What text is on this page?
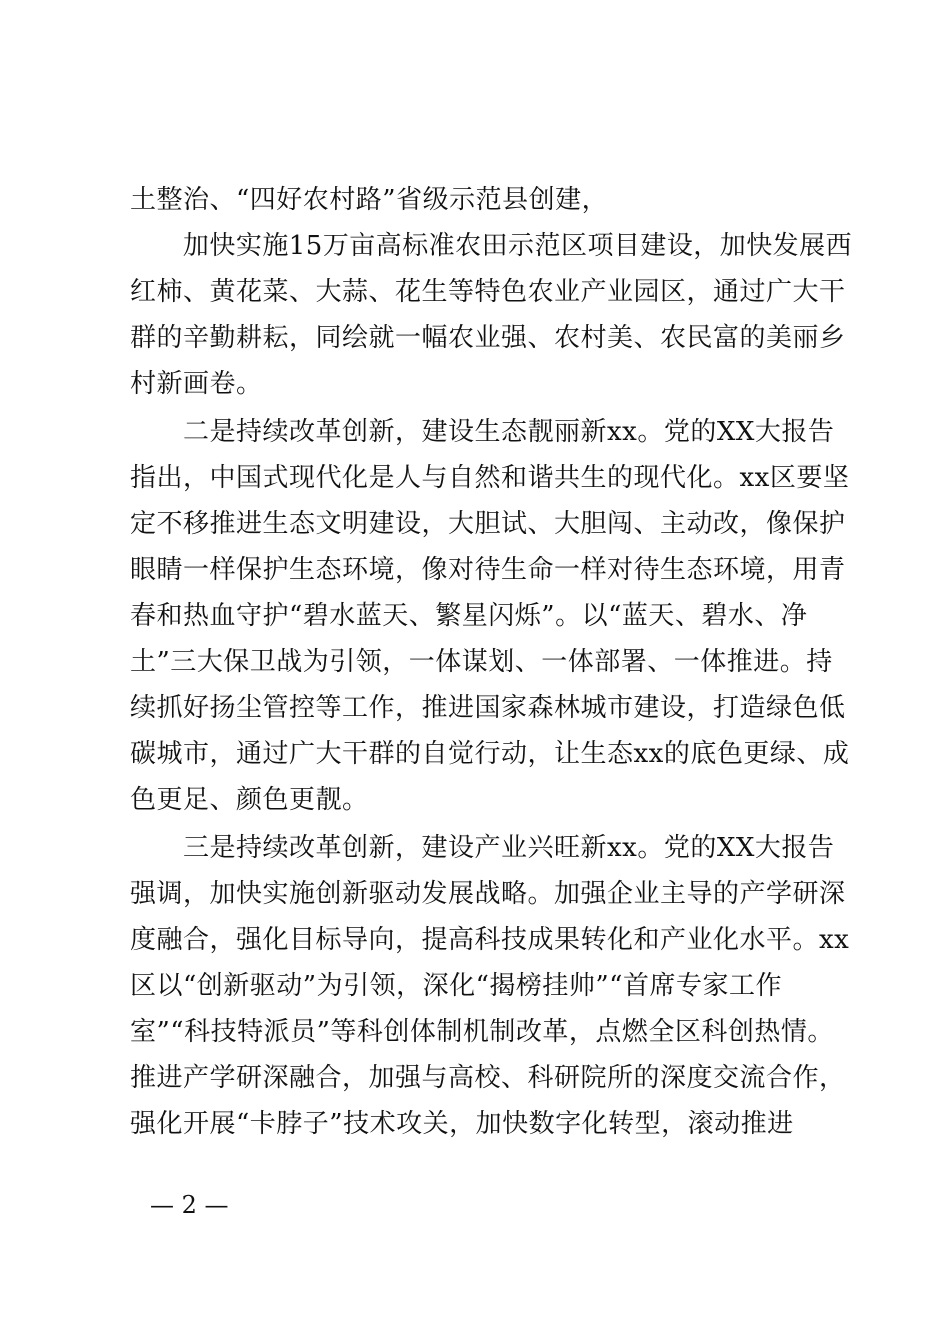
土整治、“四好农村路”省级示范县创建，
　　加快实施15万亩高标准农田示范区项目建设，加快发展西
红柿、黄花菜、大蒜、花生等特色农业产业园区，通过广大干
群的辛勤耕耘，同绘就一幅农业强、农村美、农民富的美丽乡
村新画卷。
　　二是持续改革创新，建设生态靓丽新xx。党的XX大报告
指出，中国式现代化是人与自然和谐共生的现代化。xx区要坚
定不移推进生态文明建设，大胆试、大胆闯、主动改，像保护
眼睛一样保护生态环境，像对待生命一样对待生态环境，用青
春和热血守护“碧水蓝天、繁星闪烁”。以“蓝天、碧水、净
土”三大保卫战为引领，一体谋划、一体部署、一体推进。持
续抓好扬尘管控等工作，推进国家森林城市建设，打造绿色低
碳城市，通过广大干群的自觉行动，让生态xx的底色更绿、成
色更足、颜色更靓。
　　三是持续改革创新，建设产业兴旺新xx。党的XX大报告
强调，加快实施创新驱动发展战略。加强企业主导的产学研深
度融合，强化目标导向，提高科技成果转化和产业化水平。xx
区以“创新驱动”为引领，深化“揭榜挂帅”“首席专家工作
室”“科技特派员”等科创体制机制改革，点燃全区科创热情。
推进产学研深融合，加强与高校、科研院所的深度交流合作，
强化开展“卡脖子”技术攻关，加快数字化转型，滚动推进
— 2 —
